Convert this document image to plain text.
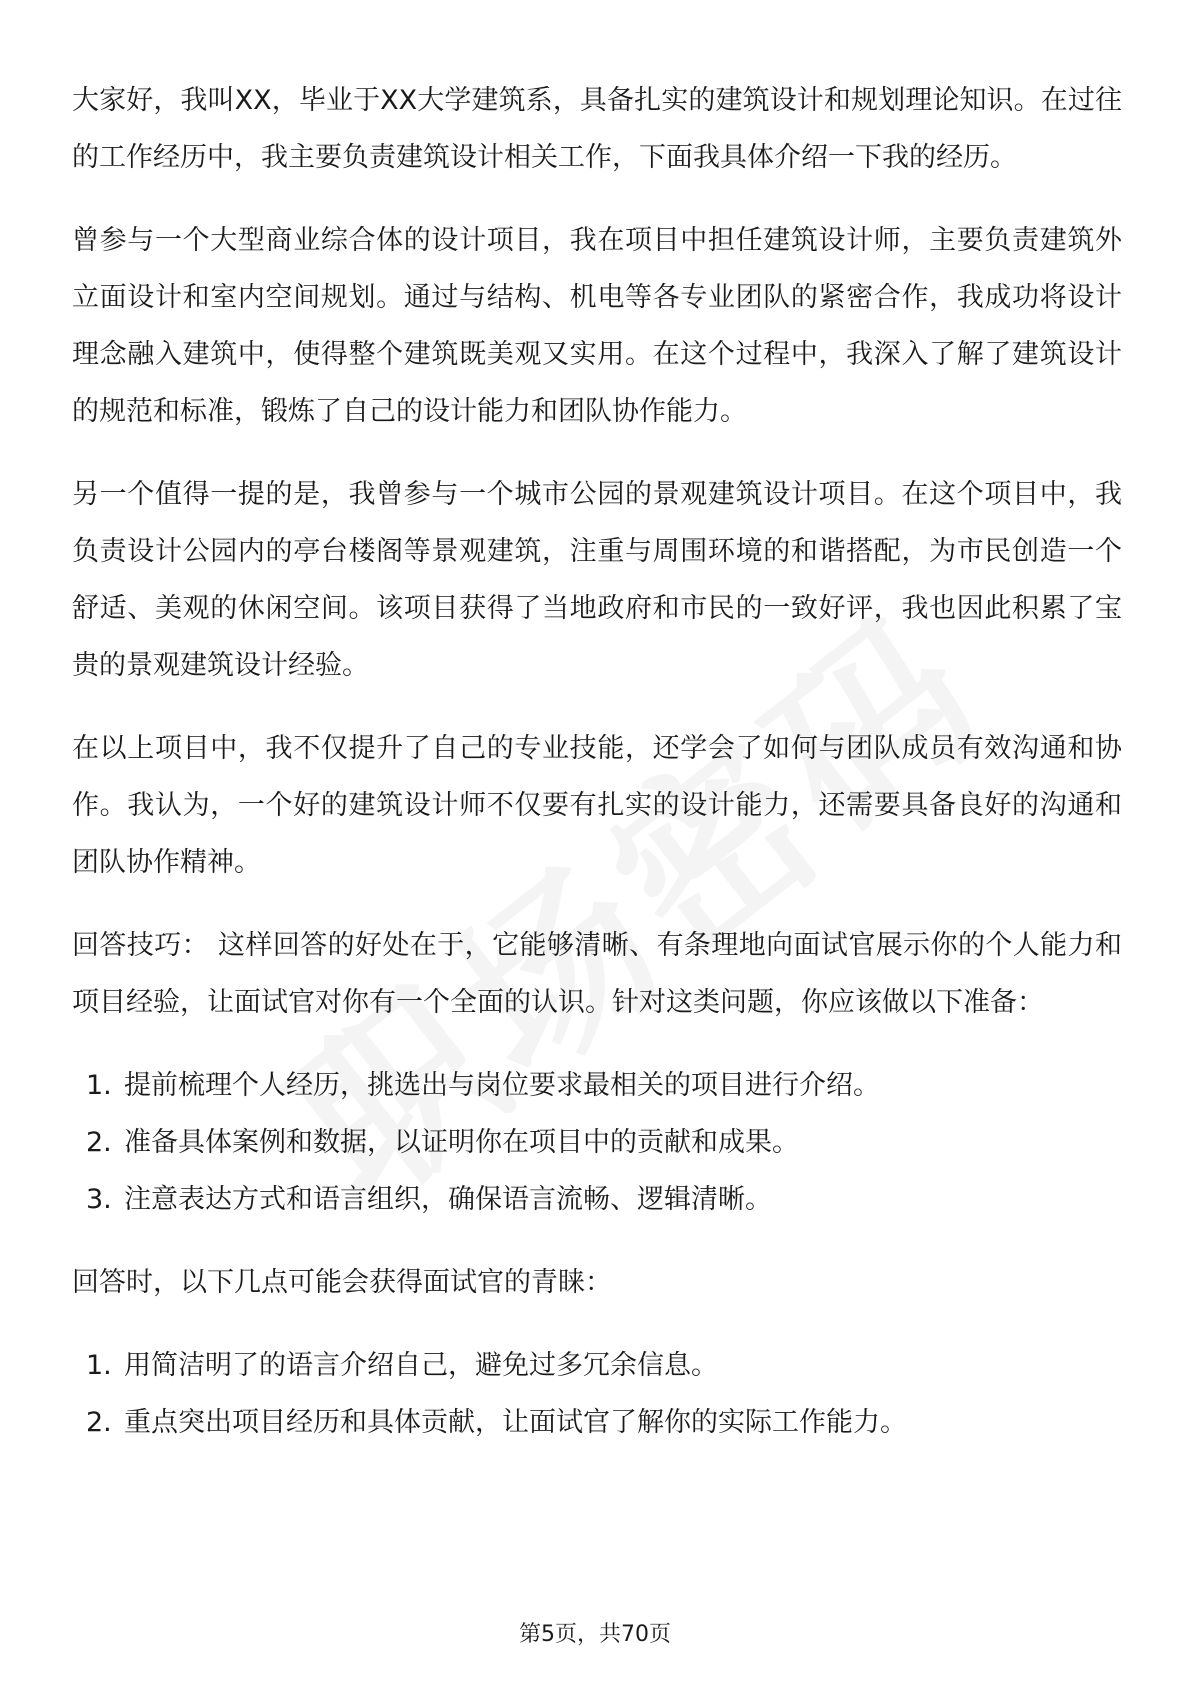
大家好，我叫XX，毕业于XX大学建筑系，具备扎实的建筑设计和规划理论知识。在过往的工作经历中，我主要负责建筑设计相关工作，下面我具体介绍一下我的经历。

曾参与一个大型商业综合体的设计项目，我在项目中担任建筑设计师，主要负责建筑外立面设计和室内空间规划。通过与结构、机电等各专业团队的紧密合作，我成功将设计理念融入建筑中，使得整个建筑既美观又实用。在这个过程中，我深入了解了建筑设计的规范和标准，锻炼了自己的设计能力和团队协作能力。

另一个值得一提的是，我曾参与一个城市公园的景观建筑设计项目。在这个项目中，我负责设计公园内的亭台楼阁等景观建筑，注重与周围环境的和谐搭配，为市民创造一个舒适、美观的休闲空间。该项目获得了当地政府和市民的一致好评，我也因此积累了宝贵的景观建筑设计经验。

在以上项目中，我不仅提升了自己的专业技能，还学会了如何与团队成员有效沟通和协作。我认为，一个好的建筑设计师不仅要有扎实的设计能力，还需要具备良好的沟通和团队协作精神。

回答技巧： 这样回答的好处在于，它能够清晰、有条理地向面试官展示你的个人能力和项目经验，让面试官对你有一个全面的认识。针对这类问题，你应该做以下准备：

1. 提前梳理个人经历，挑选出与岗位要求最相关的项目进行介绍。
2. 准备具体案例和数据，以证明你在项目中的贡献和成果。
3. 注意表达方式和语言组织，确保语言流畅、逻辑清晰。

回答时，以下几点可能会获得面试官的青睐：

1. 用简洁明了的语言介绍自己，避免过多冗余信息。
2. 重点突出项目经历和具体贡献，让面试官了解你的实际工作能力。
第5页，共70页
